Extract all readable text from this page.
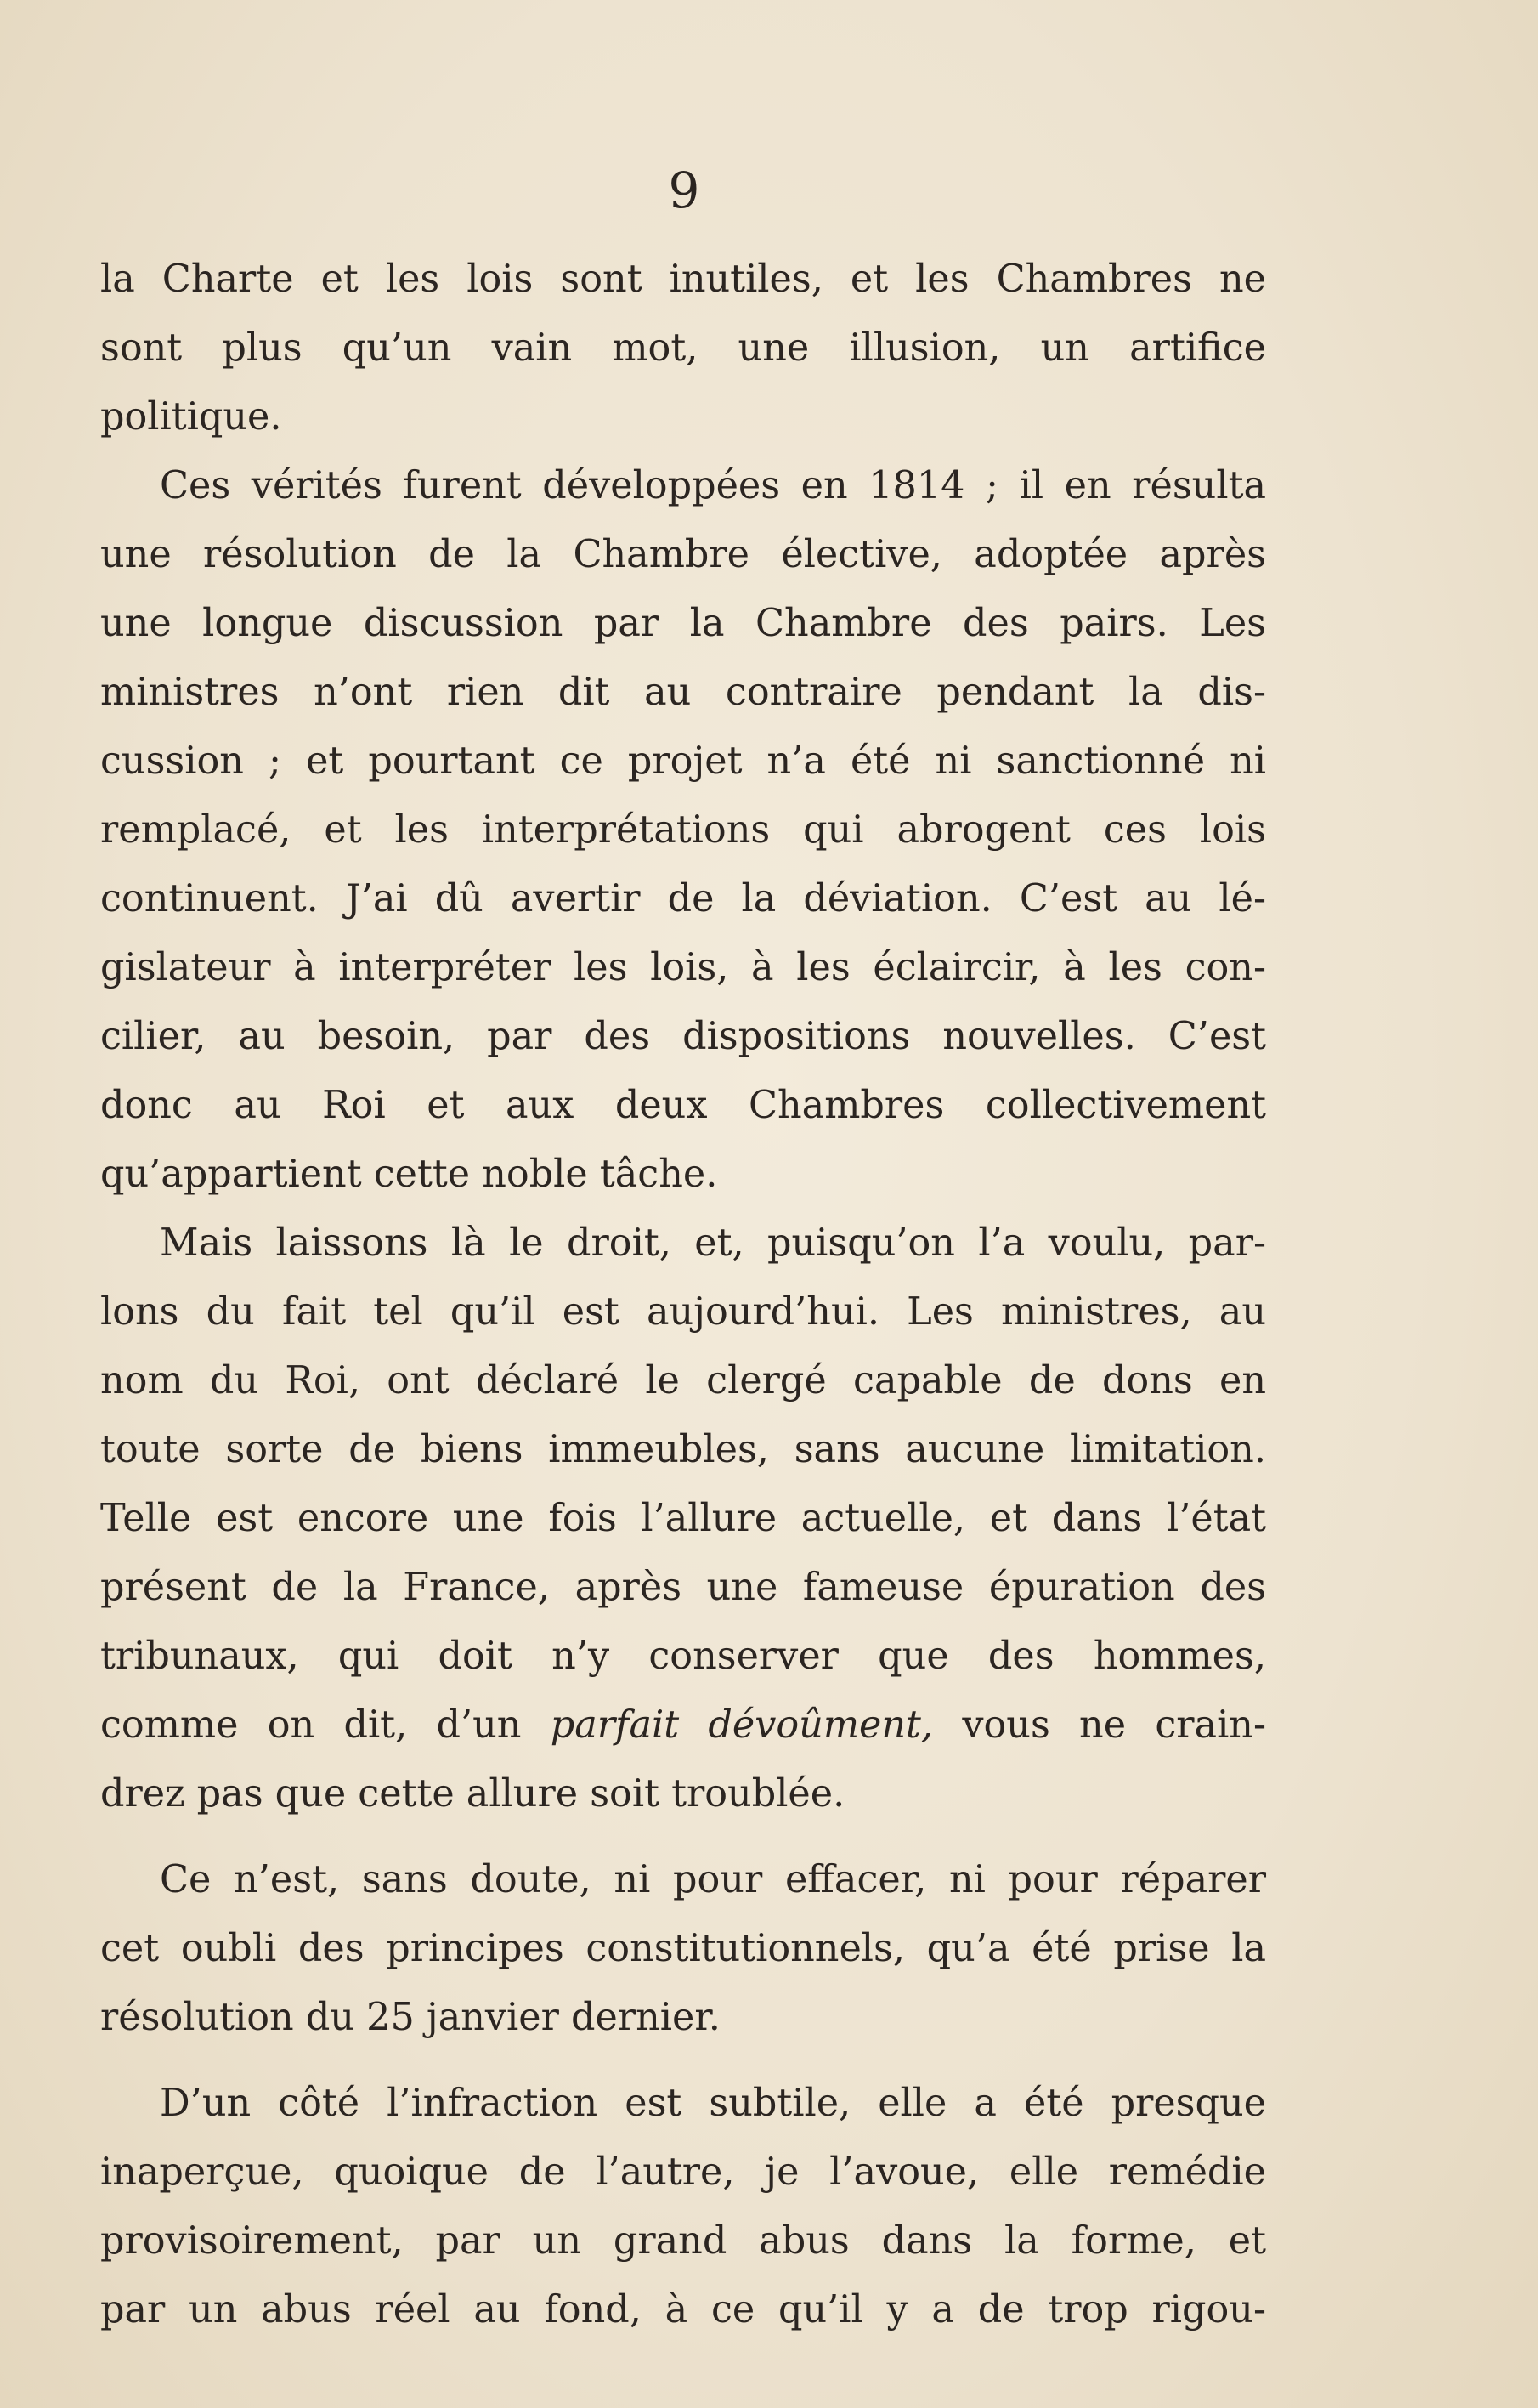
9
la Charte et les lois sont inutiles, et les Chambres ne
sont plus qu’un vain mot, une illusion, un artifice
politique.
Ces vérités furent développées en 1814 ; il en résulta
une résolution de la Chambre élective, adoptée après
une longue discussion par la Chambre des pairs. Les
ministres n’ont rien dit au contraire pendant la dis-
cussion ; et pourtant ce projet n’a été ni sanctionné ni
remplacé, et les interprétations qui abrogent ces lois
continuent. J’ai dû avertir de la déviation. C’est au lé-
gislateur à interpréter les lois, à les éclaircir, à les con-
cilier, au besoin, par des dispositions nouvelles. C’est
donc au Roi et aux deux Chambres collectivement
qu’appartient cette noble tâche.
Mais laissons là le droit, et, puisqu’on l’a voulu, par-
lons du fait tel qu’il est aujourd’hui. Les ministres, au
nom du Roi, ont déclaré le clergé capable de dons en
toute sorte de biens immeubles, sans aucune limitation.
Telle est encore une fois l’allure actuelle, et dans l’état
présent de la France, après une fameuse épuration des
tribunaux, qui doit n’y conserver que des hommes,
comme on dit, d’un parfait dévoûment, vous ne crain-
drez pas que cette allure soit troublée.
Ce n’est, sans doute, ni pour effacer, ni pour réparer
cet oubli des principes constitutionnels, qu’a été prise la
résolution du 25 janvier dernier.
D’un côté l’infraction est subtile, elle a été presque
inaperçue, quoique de l’autre, je l’avoue, elle remédie
provisoirement, par un grand abus dans la forme, et
par un abus réel au fond, à ce qu’il y a de trop rigou-
